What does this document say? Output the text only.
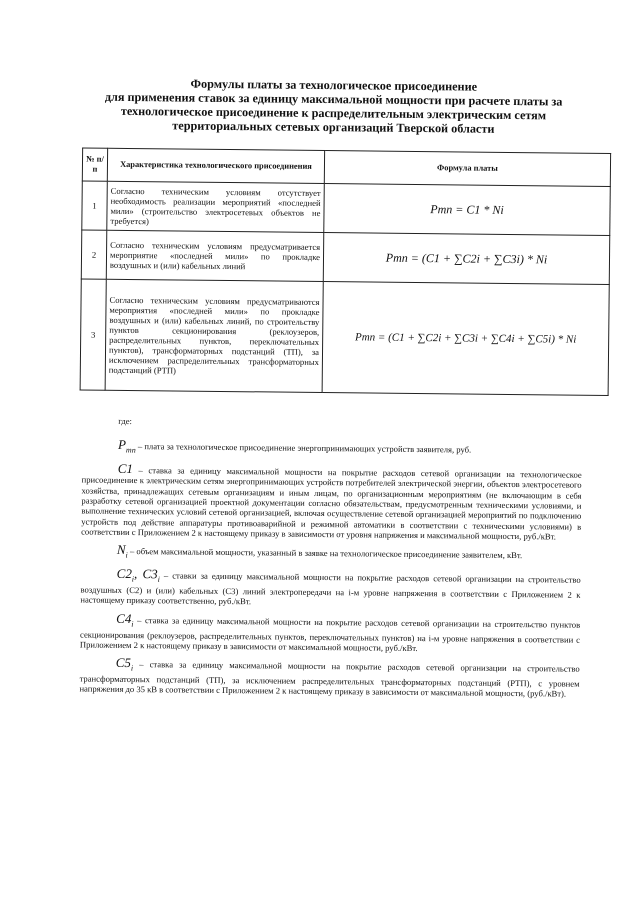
Формулы платы за технологическое присоединение
для применения ставок за единицу максимальной мощности при расчете платы за
технологическое присоединение к распределительным электрическим сетям
территориальных сетевых организаций Тверской области
№ п/п	Характеристика технологического присоединения	Формула платы
1	Согласно техническим условиям отсутствует необходимость реализации мероприятий «последней мили» (строительство электросетевых объектов не требуется)	Pтп = C1 * Ni
2	Согласно техническим условиям предусматривается мероприятие «последней мили» по прокладке воздушных и (или) кабельных линий	Pтп = (C1 + ∑C2i + ∑C3i) * Ni
3	Согласно техническим условиям предусматриваются мероприятия «последней мили» по прокладке воздушных и (или) кабельных линий, по строительству пунктов секционирования (реклоузеров, распределительных пунктов, переключательных пунктов), трансформаторных подстанций (ТП), за исключением распределительных трансформаторных подстанций (РТП)	Pтп = (C1 + ∑C2i + ∑C3i + ∑C4i + ∑C5i) * Ni
где:
$P_{тп}$ – плата за технологическое присоединение энергопринимающих устройств заявителя, руб.
C1 – ставка за единицу максимальной мощности на покрытие расходов сетевой организации на технологическое присоединение к электрическим сетям энергопринимающих устройств потребителей электрической энергии, объектов электросетевого хозяйства, принадлежащих сетевым организациям и иным лицам, по организационным мероприятиям (не включающим в себя разработку сетевой организацией проектной документации согласно обязательствам, предусмотренным техническими условиями, и выполнение технических условий сетевой организацией, включая осуществление сетевой организацией мероприятий по подключению устройств под действие аппаратуры противоаварийной и режимной автоматики в соответствии с техническими условиями) в соответствии с Приложением 2 к настоящему приказу в зависимости от уровня напряжения и максимальной мощности, руб./кВт.
$N_i$ – объем максимальной мощности, указанный в заявке на технологическое присоединение заявителем, кВт.
$C2_i$, $C3_i$ – ставки за единицу максимальной мощности на покрытие расходов сетевой организации на строительство воздушных (С2) и (или) кабельных (С3) линий электропередачи на i-м уровне напряжения в соответствии с Приложением 2 к настоящему приказу соответственно, руб./кВт.
$C4_i$ – ставка за единицу максимальной мощности на покрытие расходов сетевой организации на строительство пунктов секционирования (реклоузеров, распределительных пунктов, переключательных пунктов) на i-м уровне напряжения в соответствии с Приложением 2 к настоящему приказу в зависимости от максимальной мощности, руб./кВт.
$C5_i$ – ставка за единицу максимальной мощности на покрытие расходов сетевой организации на строительство трансформаторных подстанций (ТП), за исключением распределительных трансформаторных подстанций (РТП), с уровнем напряжения до 35 кВ в соответствии с Приложением 2 к настоящему приказу в зависимости от максимальной мощности, (руб./кВт).
